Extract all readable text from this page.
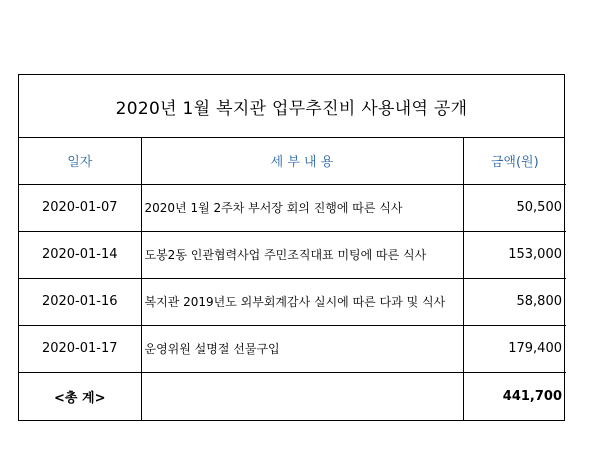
2020년 1월 복지관 업무추진비 사용내역 공개
일자	세 부 내 용	금액(원)
2020-01-07	2020년 1월 2주차 부서장 회의 진행에 따른 식사	50,500
2020-01-14	도봉2동 인관협력사업 주민조직대표 미팅에 따른 식사	153,000
2020-01-16	복지관 2019년도 외부회계감사 실시에 따른 다과 및 식사	58,800
2020-01-17	운영위원 설명절 선물구입	179,400
<총 계>		441,700
